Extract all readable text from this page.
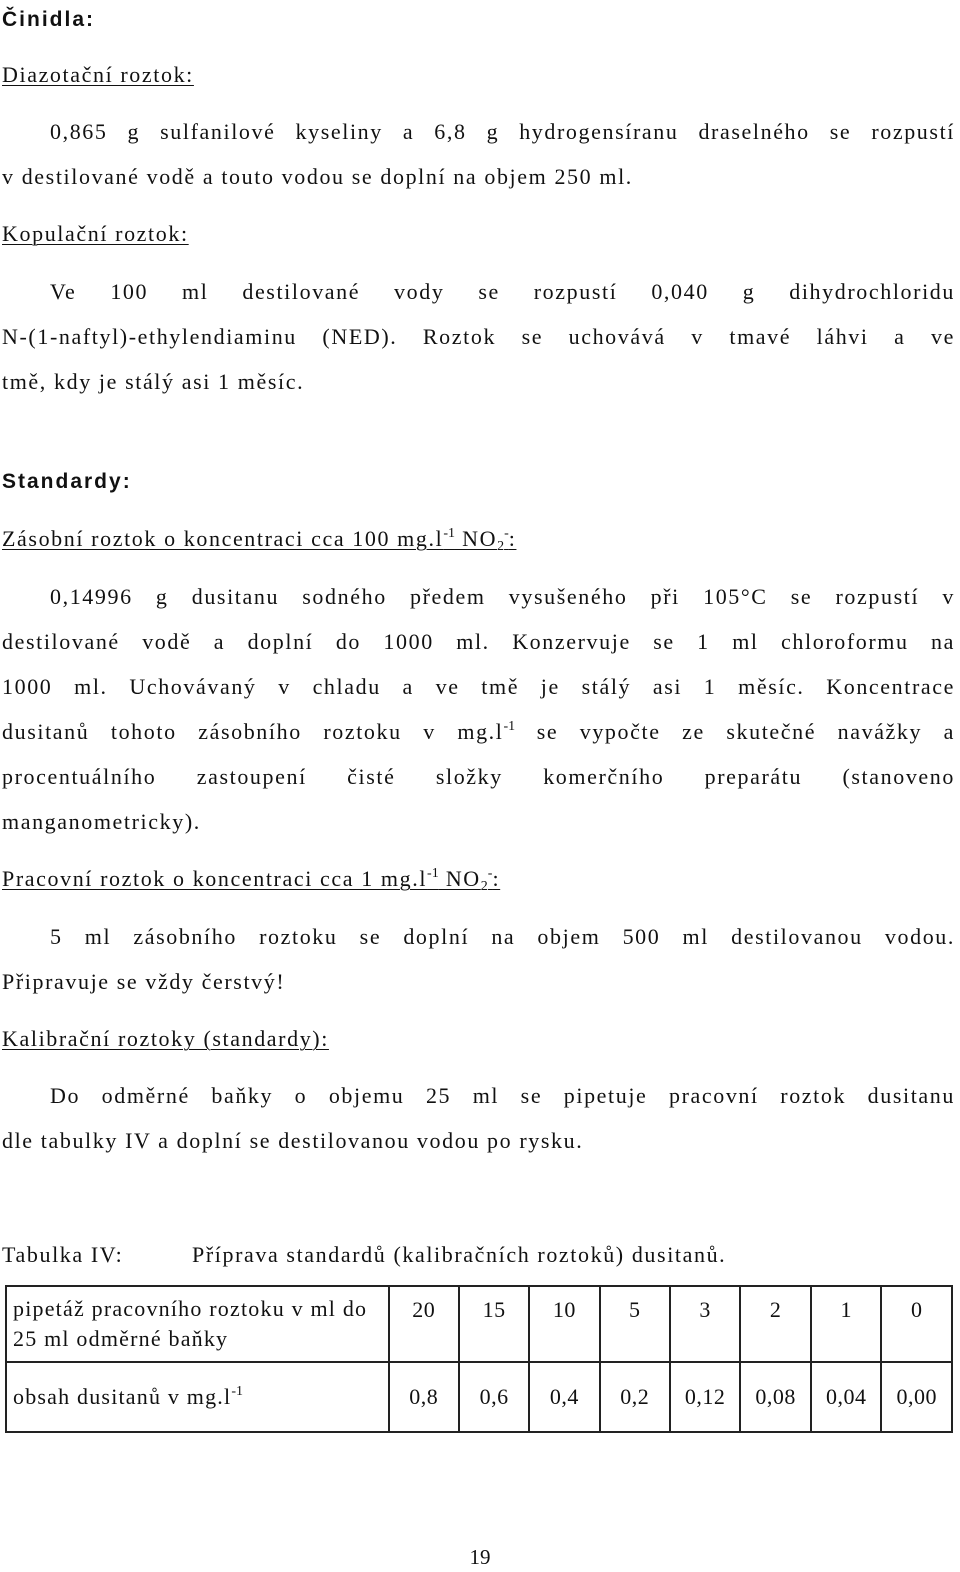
Činidla:
Diazotační roztok:
0,865 g sulfanilové kyseliny a 6,8 g hydrogensíranu draselného se rozpustí
v destilované vodě a touto vodou se doplní na objem 250 ml.
Kopulační roztok:
Ve 100 ml destilované vody se rozpustí 0,040 g dihydrochloridu
N-(1-naftyl)-ethylendiaminu (NED). Roztok se uchovává v tmavé láhvi a ve
tmě, kdy je stálý asi 1 měsíc.
Standardy:
Zásobní roztok o koncentraci cca 100 $mg.l^{-1}$ $NO_2^-$:
0,14996 g dusitanu sodného předem vysušeného při 105°C se rozpustí v
destilované vodě a doplní do 1000 ml. Konzervuje se 1 ml chloroformu na
1000 ml. Uchovávaný v chladu a ve tmě je stálý asi 1 měsíc. Koncentrace
dusitanů tohoto zásobního roztoku v $mg.l^{-1}$ se vypočte ze skutečné navážky a
procentuálního zastoupení čisté složky komerčního preparátu (stanoveno
manganometricky).
Pracovní roztok o koncentraci cca 1 $mg.l^{-1}$ $NO_2^-$:
5 ml zásobního roztoku se doplní na objem 500 ml destilovanou vodou.
Připravuje se vždy čerstvý!
Kalibrační roztoky (standardy):
Do odměrné baňky o objemu 25 ml se pipetuje pracovní roztok dusitanu
dle tabulky IV a doplní se destilovanou vodou po rysku.
Tabulka IV:	Příprava standardů (kalibračních roztoků) dusitanů.
pipetáž pracovního roztoku v ml do 25 ml odměrné baňky	20	15	10	5	3	2	1	0
obsah dusitanů v $mg.l^{-1}$	0,8	0,6	0,4	0,2	0,12	0,08	0,04	0,00
19
